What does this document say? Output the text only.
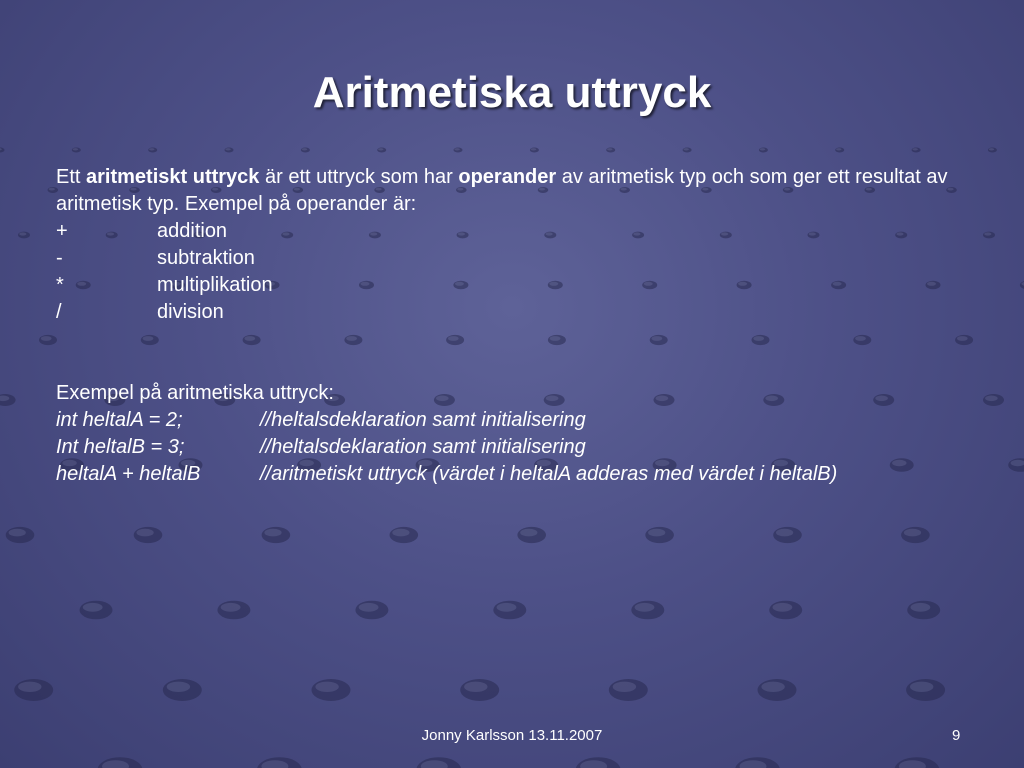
Aritmetiska uttryck
Ett aritmetiskt uttryck är ett uttryck som har operander av aritmetisk typ och som ger ett resultat av aritmetisk typ. Exempel på operander är:
+	addition
-	subtraktion
*	multiplikation
/	division
Exempel på aritmetiska uttryck:
int heltalA = 2;	//heltalsdeklaration samt initialisering
Int heltalB = 3;	//heltalsdeklaration samt initialisering
heltalA + heltalB	//aritmetiskt uttryck (värdet i heltalA adderas med värdet i heltalB)
Jonny Karlsson 13.11.2007	9
